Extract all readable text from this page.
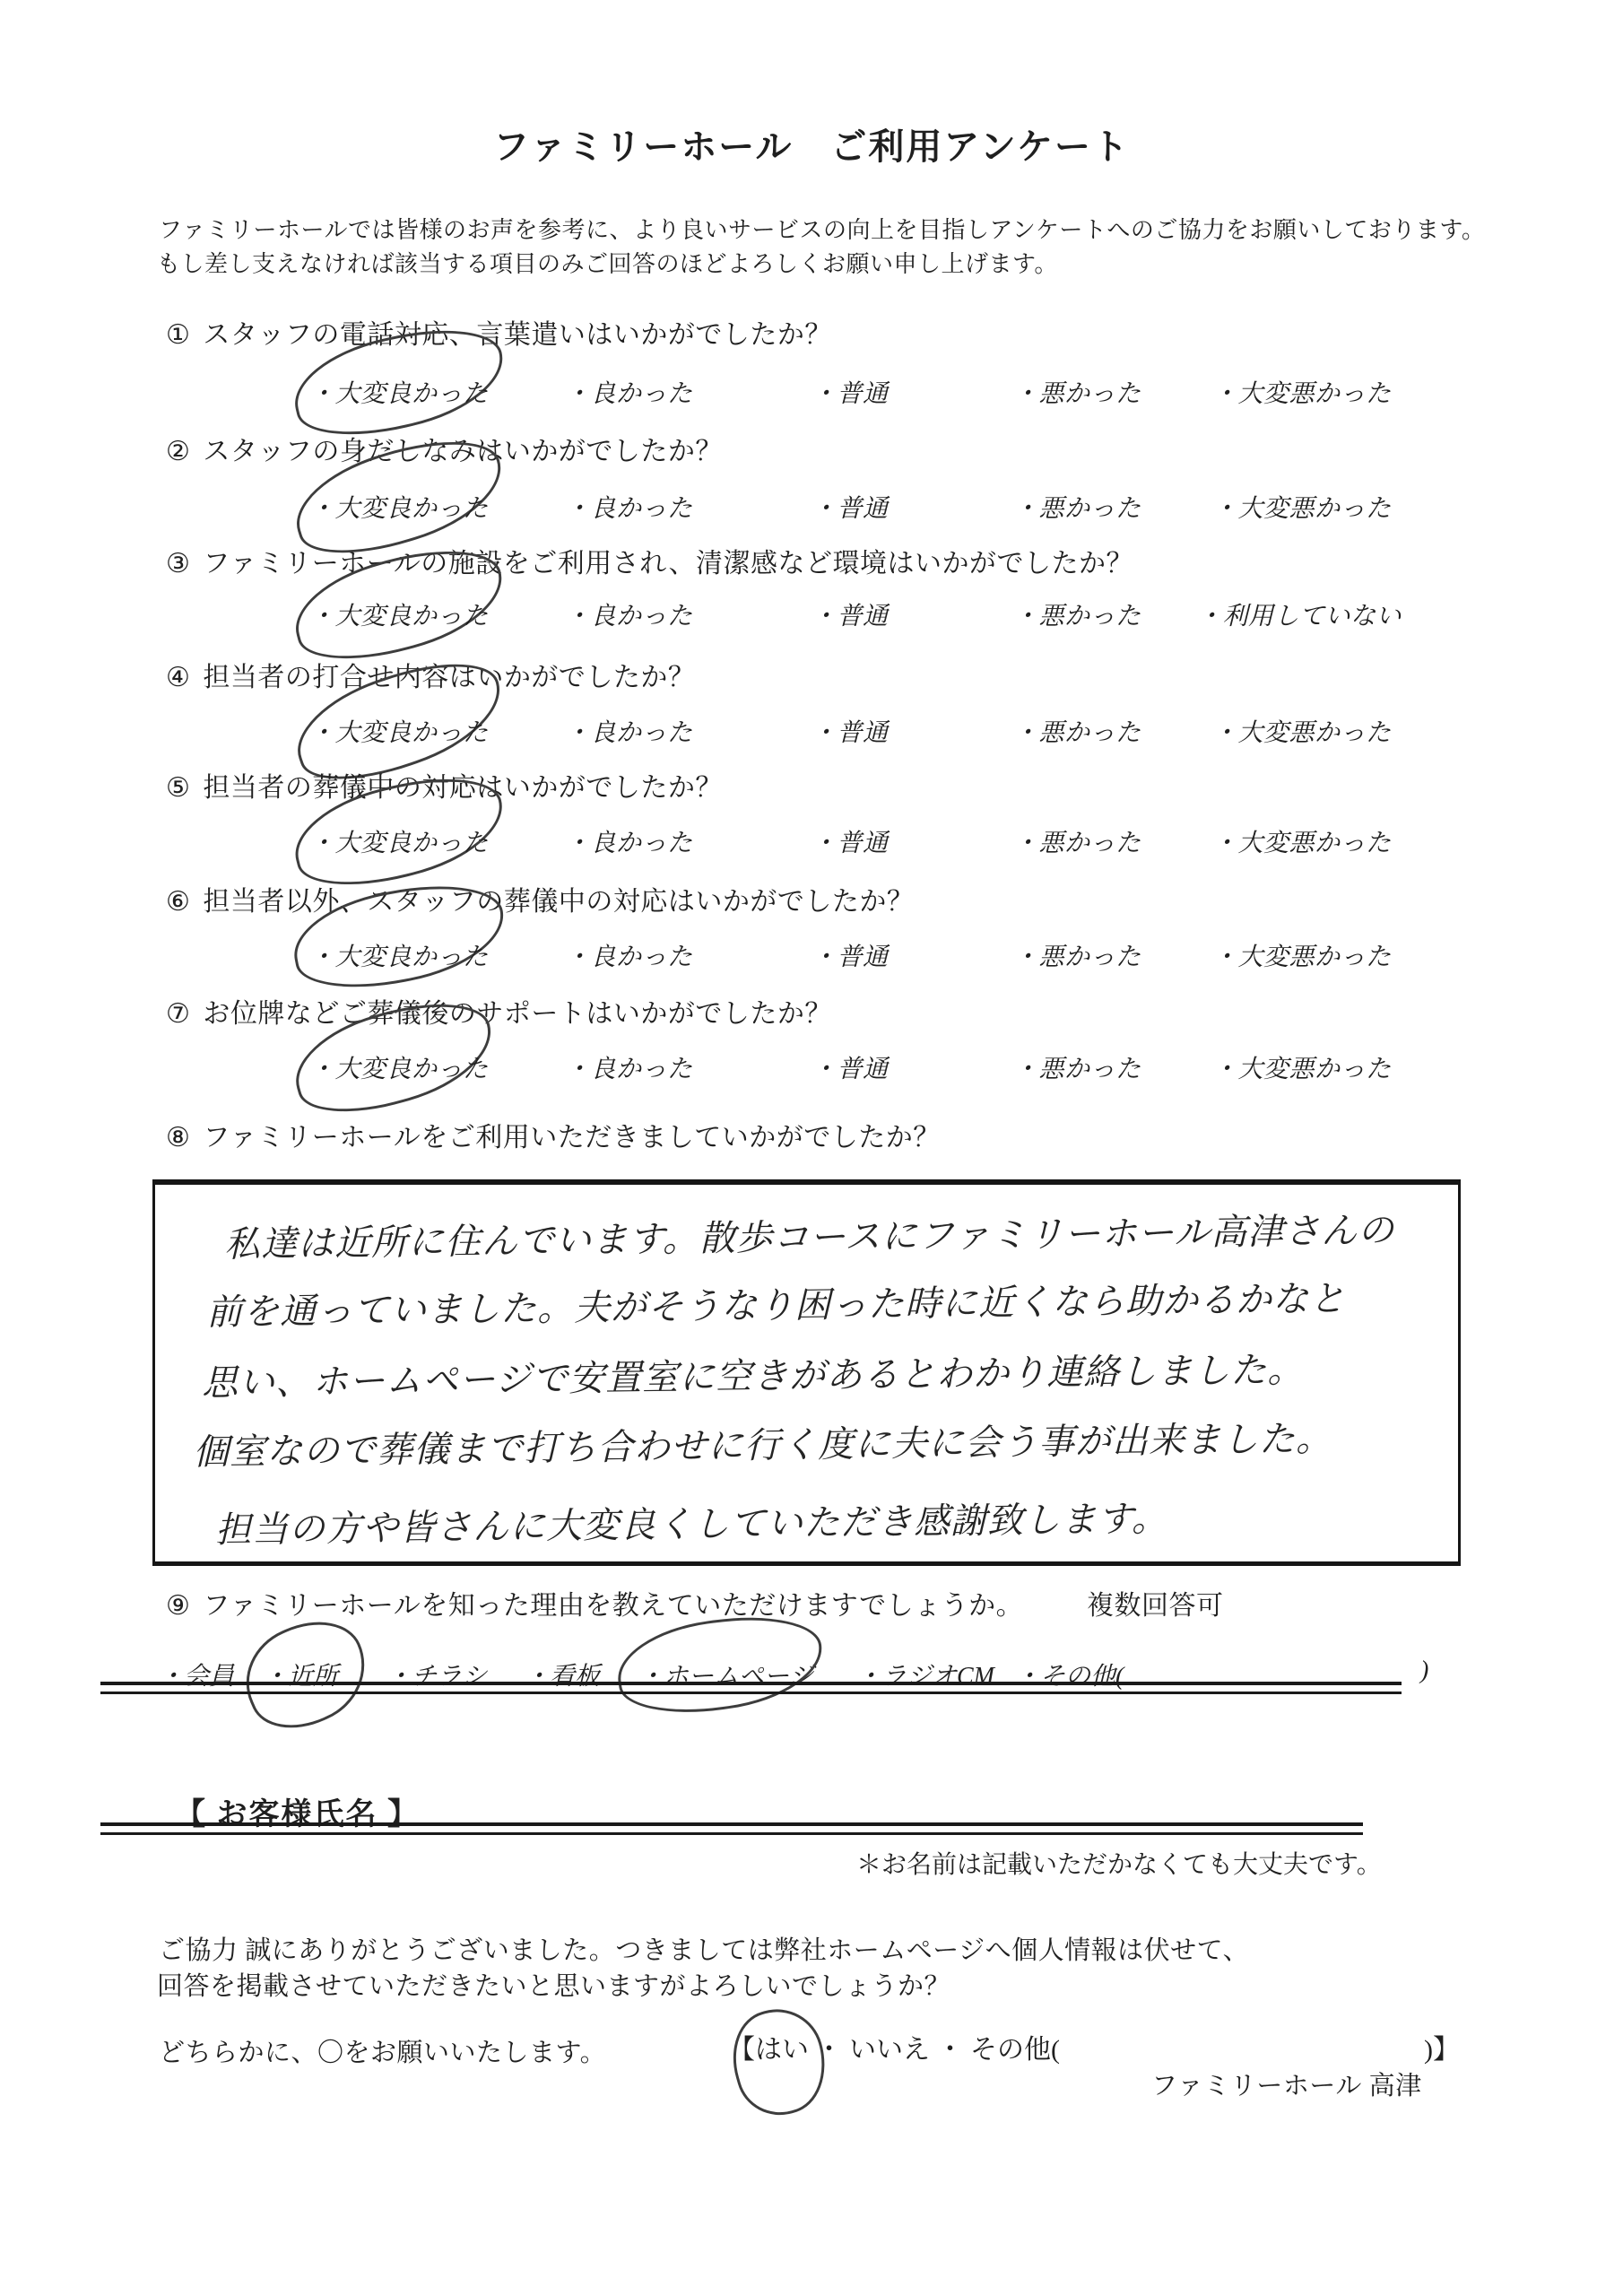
ファミリーホール　ご利用アンケート
ファミリーホールでは皆様のお声を参考に、より良いサービスの向上を目指しアンケートへのご協力をお願いしております。
もし差し支えなければ該当する項目のみご回答のほどよろしくお願い申し上げます。
① スタッフの電話対応、言葉遣いはいかがでしたか？
・大変良かった	・良かった	・普通	・悪かった	・大変悪かった
② スタッフの身だしなみはいかがでしたか？
・大変良かった	・良かった	・普通	・悪かった	・大変悪かった
③ ファミリーホールの施設をご利用され、清潔感など環境はいかがでしたか？
・大変良かった	・良かった	・普通	・悪かった ・利用していない
④ 担当者の打合せ内容はいかがでしたか？
・大変良かった	・良かった	・普通	・悪かった	・大変悪かった
⑤ 担当者の葬儀中の対応はいかがでしたか？
・大変良かった	・良かった	・普通	・悪かった	・大変悪かった
⑥ 担当者以外、スタッフの葬儀中の対応はいかがでしたか？
・大変良かった	・良かった	・普通	・悪かった	・大変悪かった
⑦ お位牌などご葬儀後のサポートはいかがでしたか？
・大変良かった	・良かった	・普通	・悪かった	・大変悪かった
⑧ ファミリーホールをご利用いただきましていかがでしたか？
私達は近所に住んでいます。散歩コースにファミリーホール高津さんの
前を通っていました。夫がそうなり困った時に近くなら助かるかなと
思い、ホームページで安置室に空きがあるとわかり連絡しました。
個室なので葬儀まで打ち合わせに行く度に夫に会う事が出来ました。
担当の方や皆さんに大変良くしていただき感謝致します。
⑨ ファミリーホールを知った理由を教えていただけますでしょうか。 複数回答可
・会員 ・近所 ・チラシ ・看板 ・ホームページ ・ラジオCM ・その他(	)
【 お客様氏名 】
＊お名前は記載いただかなくても大丈夫です。
ご協力 誠にありがとうございました。つきましては弊社ホームページへ個人情報は伏せて、
回答を掲載させていただきたいと思いますがよろしいでしょうか？
どちらかに、〇をお願いいたします。	【はい ・ いいえ ・ その他(	)】
ファミリーホール 高津
